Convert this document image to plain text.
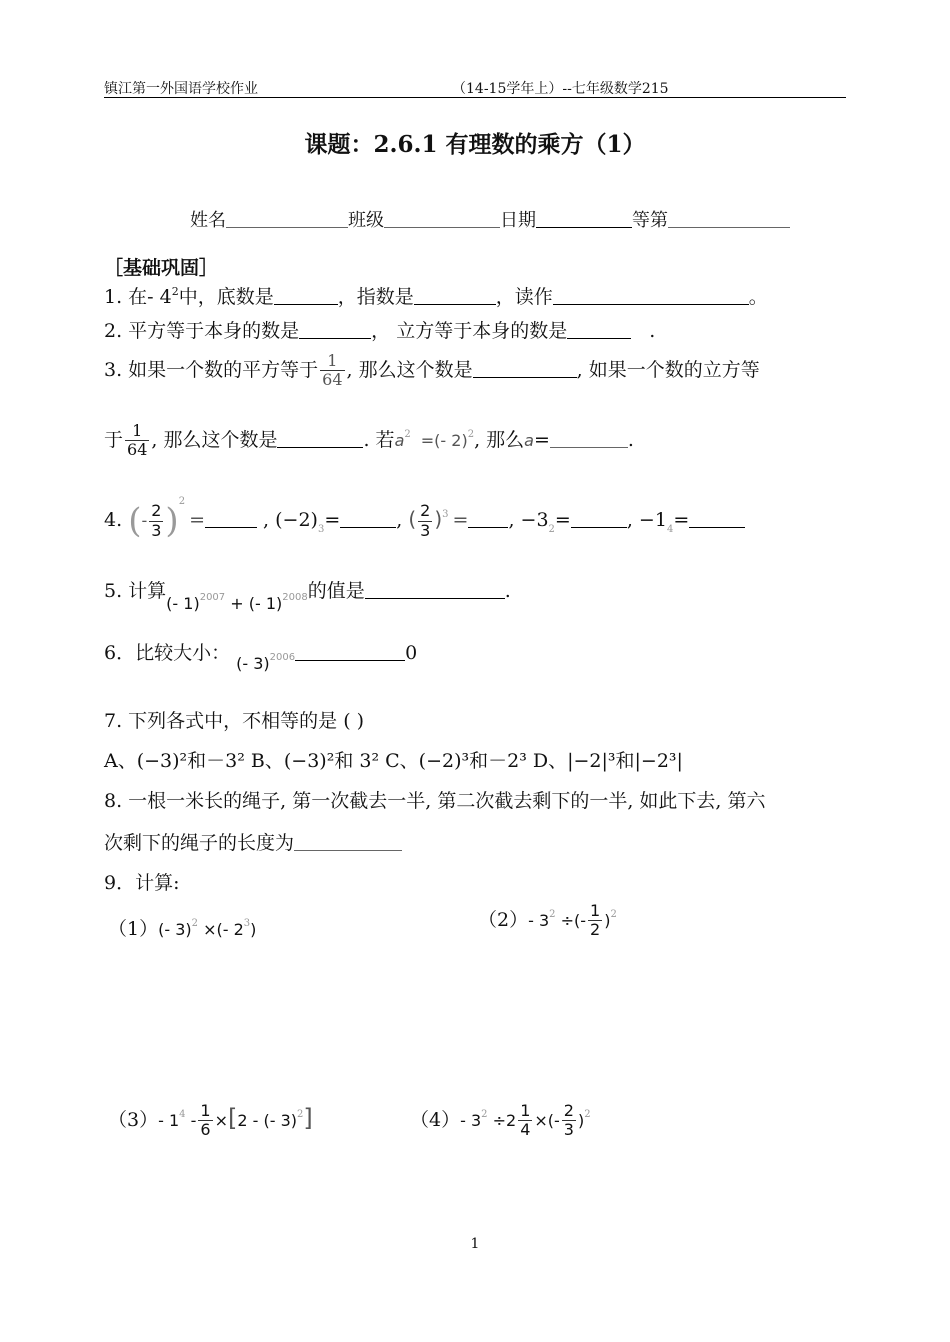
镇江第一外国语学校作业	（14-15学年上）--七年级数学215
课题：2.6.1 有理数的乘方（1）
姓名	班级	日期	等第
［基础巩固］
1. 在- $4^2$中，底数是	，指数是	，读作	。
2. 平方等于本身的数是	， 立方等于本身的数是	.
3. 如果一个数的平方等于 $\frac{1}{64}$ , 那么这个数是	, 如果一个数的立方等
于 $\frac{1}{64}$ , 那么这个数是	. 若$a^2$ =(- 2)$^2$, 那么a=	.
4. (- $\frac{2}{3} )^2=$	, $(-2)_3=$	, ( $\frac{2}{3} )^3$ = , $-3_2=$	, $-1_4=$
5. 计算$_{(- 1)^{2007} + (- 1)^{2008}}$的值是	.
6．比较大小： $_{(- 3)^{2006}}$	0
7. 下列各式中，不相等的是 ( )
A、(−3)²和－3² B、(−3)²和 3² C、(−2)³和－2³ D、|−2|³和|−2³|
8. 一根一米长的绳子, 第一次截去一半, 第二次截去剩下的一半, 如此下去, 第六
次剩下的绳子的长度为
9．计算:
（1）(- 3)$^2$ ×(- $2^3$)	（2）- $3^2$ ÷(- $\frac{1}{2} )^2$
（3）- $1^4 - \frac{1}{6} \times[2$ - (- 3)$^2$]	（4）- $3^2 \div 2 \frac{1}{4}$ ×(- $\frac{2}{3} )^2$
1
